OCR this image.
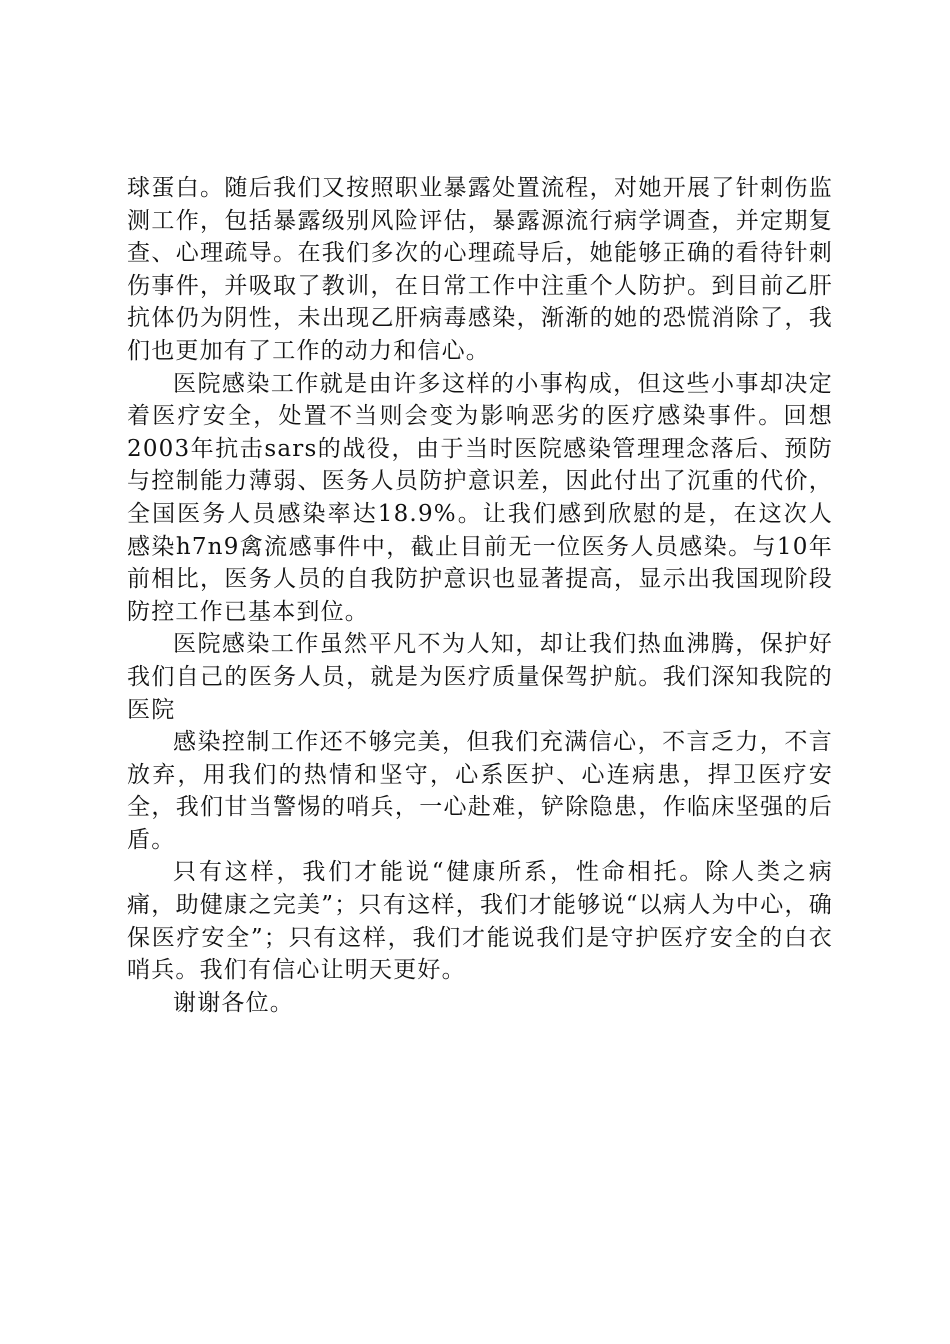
球蛋白。随后我们又按照职业暴露处置流程，对她开展了针刺伤监测工作，包括暴露级别风险评估，暴露源流行病学调查，并定期复查、心理疏导。在我们多次的心理疏导后，她能够正确的看待针刺伤事件，并吸取了教训，在日常工作中注重个人防护。到目前乙肝抗体仍为阴性，未出现乙肝病毒感染，渐渐的她的恐慌消除了，我们也更加有了工作的动力和信心。

医院感染工作就是由许多这样的小事构成，但这些小事却决定着医疗安全，处置不当则会变为影响恶劣的医疗感染事件。回想2003年抗击sars的战役，由于当时医院感染管理理念落后、预防与控制能力薄弱、医务人员防护意识差，因此付出了沉重的代价，全国医务人员感染率达18.9%。让我们感到欣慰的是，在这次人感染h7n9禽流感事件中，截止目前无一位医务人员感染。与10年前相比，医务人员的自我防护意识也显著提高，显示出我国现阶段防控工作已基本到位。

医院感染工作虽然平凡不为人知，却让我们热血沸腾，保护好我们自己的医务人员，就是为医疗质量保驾护航。我们深知我院的医院

感染控制工作还不够完美，但我们充满信心，不言乏力，不言放弃，用我们的热情和坚守，心系医护、心连病患，捍卫医疗安全，我们甘当警惕的哨兵，一心赴难，铲除隐患，作临床坚强的后盾。

只有这样，我们才能说“健康所系，性命相托。除人类之病痛，助健康之完美”；只有这样，我们才能够说“以病人为中心，确保医疗安全”；只有这样，我们才能说我们是守护医疗安全的白衣哨兵。我们有信心让明天更好。

谢谢各位。
